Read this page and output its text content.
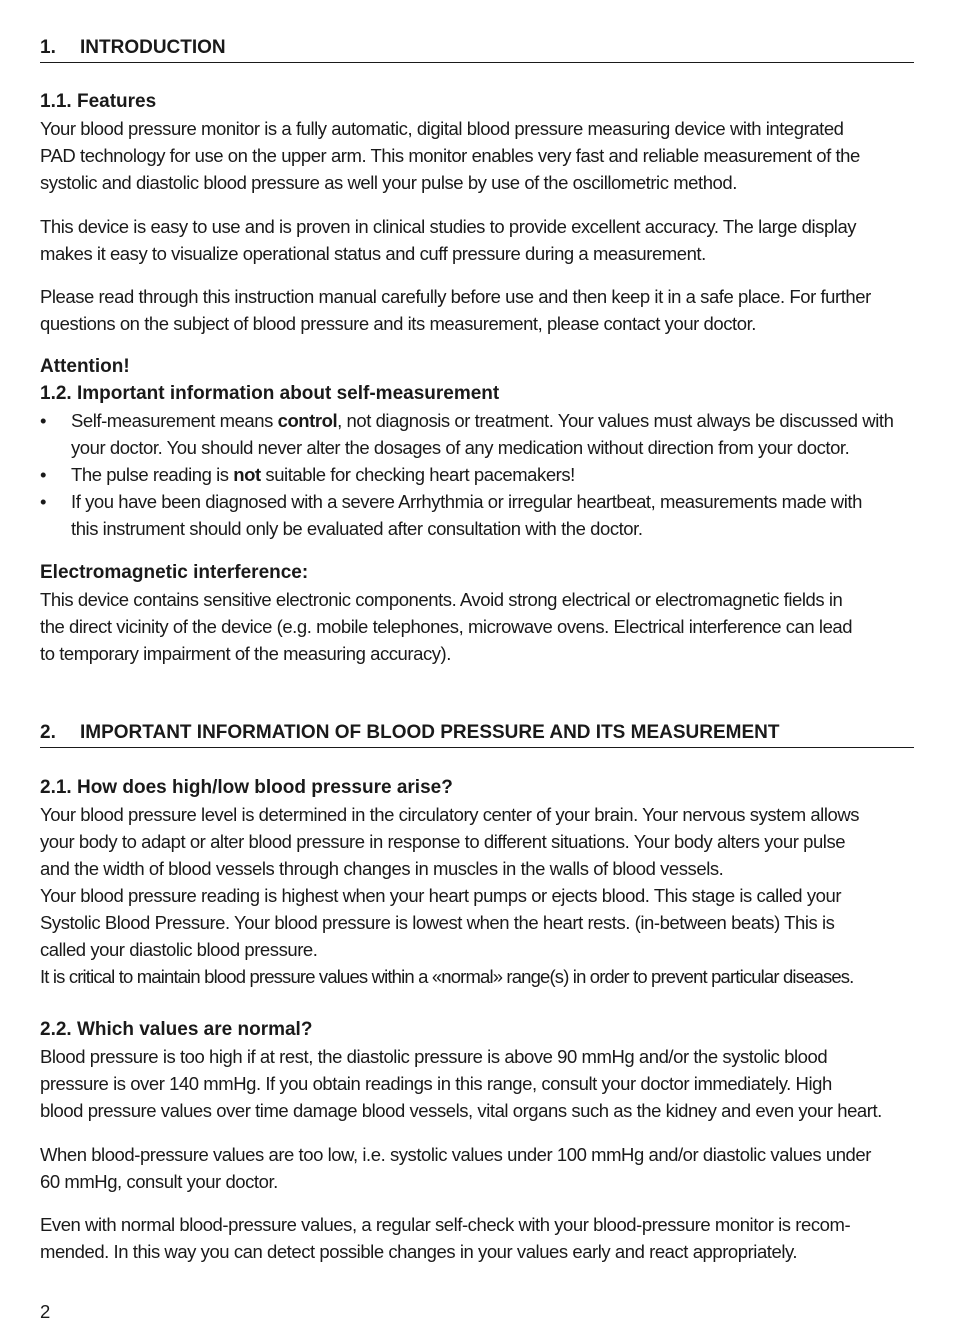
1. INTRODUCTION
1.1. Features
Your blood pressure monitor is a fully automatic, digital blood pressure measuring device with integrated
PAD technology for use on the upper arm. This monitor enables very fast and reliable measurement of the
systolic and diastolic blood pressure as well your pulse by use of the oscillometric method.
This device is easy to use and is proven in clinical studies to provide excellent accuracy. The large display
makes it easy to visualize operational status and cuff pressure during a measurement.
Please read through this instruction manual carefully before use and then keep it in a safe place. For further
questions on the subject of blood pressure and its measurement, please contact your doctor.
Attention!
1.2. Important information about self-measurement
• Self-measurement means control, not diagnosis or treatment. Your values must always be discussed with
your doctor. You should never alter the dosages of any medication without direction from your doctor.
• The pulse reading is not suitable for checking heart pacemakers!
• If you have been diagnosed with a severe Arrhythmia or irregular heartbeat, measurements made with
this instrument should only be evaluated after consultation with the doctor.
Electromagnetic interference:
This device contains sensitive electronic components. Avoid strong electrical or electromagnetic fields in
the direct vicinity of the device (e.g. mobile telephones, microwave ovens. Electrical interference can lead
to temporary impairment of the measuring accuracy).
2. IMPORTANT INFORMATION OF BLOOD PRESSURE AND ITS MEASUREMENT
2.1. How does high/low blood pressure arise?
Your blood pressure level is determined in the circulatory center of your brain. Your nervous system allows
your body to adapt or alter blood pressure in response to different situations. Your body alters your pulse
and the width of blood vessels through changes in muscles in the walls of blood vessels.
Your blood pressure reading is highest when your heart pumps or ejects blood. This stage is called your
Systolic Blood Pressure. Your blood pressure is lowest when the heart rests. (in-between beats) This is
called your diastolic blood pressure.
It is critical to maintain blood pressure values within a «normal» range(s) in order to prevent particular diseases.
2.2. Which values are normal?
Blood pressure is too high if at rest, the diastolic pressure is above 90 mmHg and/or the systolic blood
pressure is over 140 mmHg. If you obtain readings in this range, consult your doctor immediately. High
blood pressure values over time damage blood vessels, vital organs such as the kidney and even your heart.
When blood-pressure values are too low, i.e. systolic values under 100 mmHg and/or diastolic values under
60 mmHg, consult your doctor.
Even with normal blood-pressure values, a regular self-check with your blood-pressure monitor is recom-
mended. In this way you can detect possible changes in your values early and react appropriately.
2
